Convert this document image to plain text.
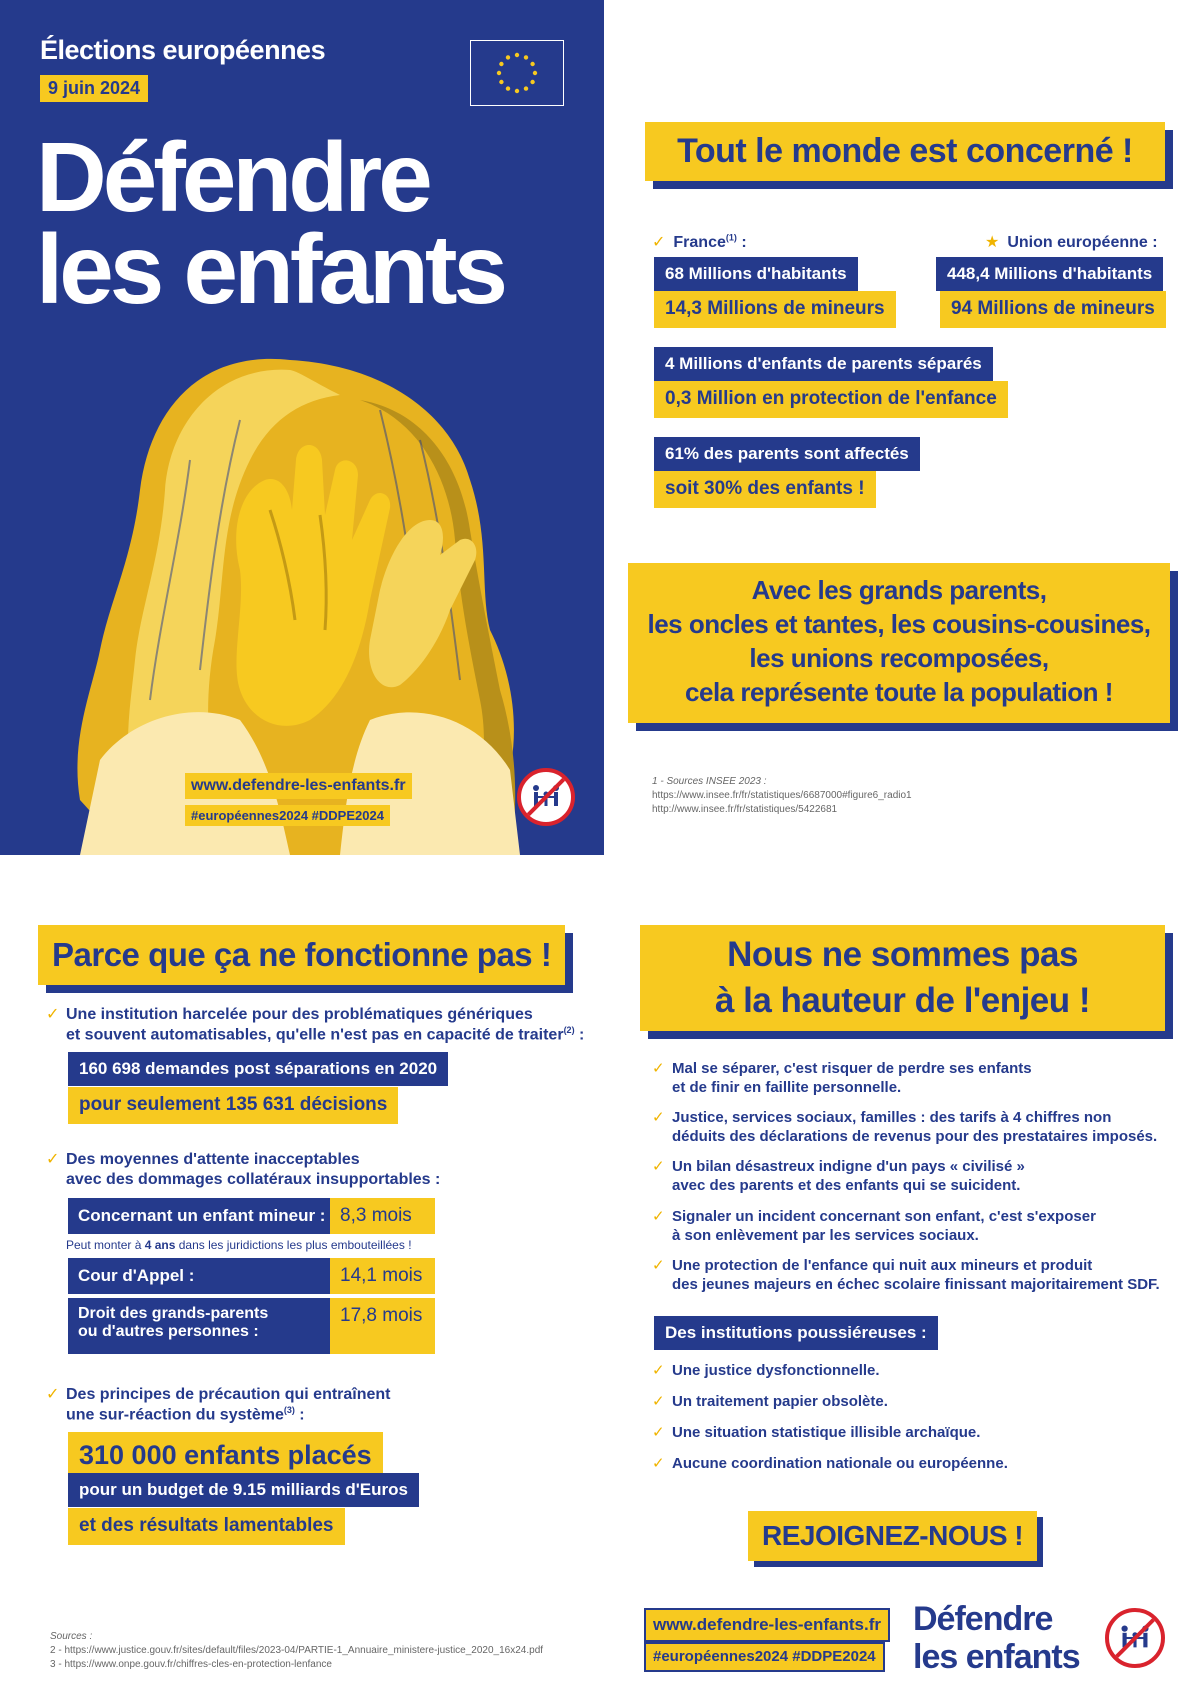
Élections européennes
9 juin 2024
Défendre
les enfants
www.defendre-les-enfants.fr
#européennes2024 #DDPE2024
Tout le monde est concerné !
✓ France$^{(1)}$ :	★ Union européenne :
68 Millions d'habitants
14,3 Millions de mineurs
448,4 Millions d'habitants
94 Millions de mineurs
4 Millions d'enfants de parents séparés
0,3 Million en protection de l'enfance
61% des parents sont affectés
soit 30% des enfants !
Avec les grands parents,
les oncles et tantes, les cousins-cousines,
les unions recomposées,
cela représente toute la population !
1 - Sources INSEE 2023 :
https://www.insee.fr/fr/statistiques/6687000#figure6_radio1
http://www.insee.fr/fr/statistiques/5422681
Parce que ça ne fonctionne pas !
✓ Une institution harcelée pour des problématiques génériques
et souvent automatisables, qu'elle n'est pas en capacité de traiter$^{(2)}$ :
160 698 demandes post séparations en 2020
pour seulement 135 631 décisions
✓ Des moyennes d'attente inacceptables
avec des dommages collatéraux insupportables :
Concernant un enfant mineur : 8,3 mois
Peut monter à 4 ans dans les juridictions les plus embouteillées !
Cour d'Appel :	14,1 mois
Droit des grands-parents
ou d'autres personnes :
17,8 mois
✓ Des principes de précaution qui entraînent
une sur-réaction du système$^{(3)}$ :
310 000 enfants placés
pour un budget de 9.15 milliards d'Euros
et des résultats lamentables
Sources :
2 - https://www.justice.gouv.fr/sites/default/files/2023-04/PARTIE-1_Annuaire_ministere-justice_2020_16x24.pdf
3 - https://www.onpe.gouv.fr/chiffres-cles-en-protection-lenfance
Nous ne sommes pas
à la hauteur de l'enjeu !
✓ Mal se séparer, c'est risquer de perdre ses enfants
et de finir en faillite personnelle.
✓ Justice, services sociaux, familles : des tarifs à 4 chiffres non
déduits des déclarations de revenus pour des prestataires imposés.
✓ Un bilan désastreux indigne d'un pays « civilisé »
avec des parents et des enfants qui se suicident.
✓ Signaler un incident concernant son enfant, c'est s'exposer
à son enlèvement par les services sociaux.
✓ Une protection de l'enfance qui nuit aux mineurs et produit
des jeunes majeurs en échec scolaire finissant majoritairement SDF.
Des institutions poussiéreuses :
✓ Une justice dysfonctionnelle.
✓ Un traitement papier obsolète.
✓ Une situation statistique illisible archaïque.
✓ Aucune coordination nationale ou européenne.
REJOIGNEZ-NOUS !
www.defendre-les-enfants.fr
#européennes2024 #DDPE2024
Défendre
les enfants
